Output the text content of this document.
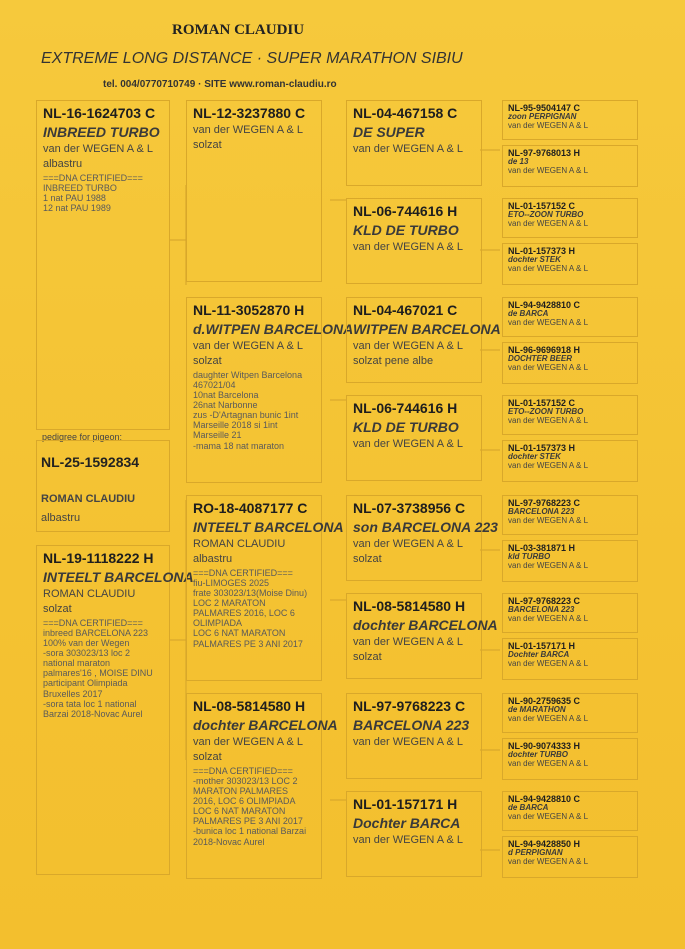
ROMAN CLAUDIU
EXTREME LONG DISTANCE · SUPER MARATHON SIBIU
tel. 004/0770710749 · SITE www.roman-claudiu.ro
NL-16-1624703 C
INBREED TURBO
van der WEGEN A & L
albastru
===DNA CERTIFIED===
INBREED TURBO
1 nat PAU 1988
12 nat PAU 1989
pedigree for pigeon:
NL-25-1592834
ROMAN CLAUDIU
albastru
NL-19-1118222 H
INTEELT BARCELONA
ROMAN CLAUDIU
solzat
===DNA CERTIFIED===
inbreed BARCELONA 223
100% van der Wegen
-sora 303023/13 loc 2
national maraton
palmares'16 , MOISE DINU
participant Olimpiada
Bruxelles 2017
-sora tata loc 1 national
Barzai 2018-Novac Aurel
NL-12-3237880 C
van der WEGEN A & L
solzat
NL-11-3052870 H
d.WITPEN BARCELONA
van der WEGEN A & L
solzat
daughter Witpen Barcelona
467021/04
10nat Barcelona
26nat Narbonne
zus -D'Artagnan bunic 1int
Marseille 2018 si 1int
Marseille 21
-mama 18 nat maraton
RO-18-4087177 C
INTEELT BARCELONA
ROMAN CLAUDIU
albastru
===DNA CERTIFIED===
fiu-LIMOGES 2025
frate 303023/13(Moise Dinu)
LOC 2 MARATON
PALMARES 2016, LOC 6
OLIMPIADA
LOC 6 NAT MARATON
PALMARES PE 3 ANI 2017
NL-08-5814580 H
dochter BARCELONA
van der WEGEN A & L
solzat
===DNA CERTIFIED===
-mother 303023/13 LOC 2
MARATON PALMARES
2016, LOC 6 OLIMPIADA
LOC 6 NAT MARATON
PALMARES PE 3 ANI 2017
-bunica loc 1 national Barzai
2018-Novac Aurel
NL-04-467158 C
DE SUPER
van der WEGEN A & L
NL-06-744616 H
KLD DE TURBO
van der WEGEN A & L
NL-04-467021 C
WITPEN BARCELONA
van der WEGEN A & L
solzat pene albe
NL-06-744616 H
KLD DE TURBO
van der WEGEN A & L
NL-07-3738956 C
son BARCELONA 223
van der WEGEN A & L
solzat
NL-08-5814580 H
dochter BARCELONA
van der WEGEN A & L
solzat
NL-97-9768223 C
BARCELONA 223
van der WEGEN A & L
NL-01-157171 H
Dochter BARCA
van der WEGEN A & L
NL-95-9504147 C
zoon PERPIGNAN
van der WEGEN A & L
NL-97-9768013 H
de 13
van der WEGEN A & L
NL-01-157152 C
ETO--ZOON TURBO
van der WEGEN A & L
NL-01-157373 H
dochter STEK
van der WEGEN A & L
NL-94-9428810 C
de BARCA
van der WEGEN A & L
NL-96-9696918 H
DOCHTER BEER
van der WEGEN A & L
NL-01-157152 C
ETO--ZOON TURBO
van der WEGEN A & L
NL-01-157373 H
dochter STEK
van der WEGEN A & L
NL-97-9768223 C
BARCELONA 223
van der WEGEN A & L
NL-03-381871 H
kld TURBO
van der WEGEN A & L
NL-97-9768223 C
BARCELONA 223
van der WEGEN A & L
NL-01-157171 H
Dochter BARCA
van der WEGEN A & L
NL-90-2759635 C
de MARATHON
van der WEGEN A & L
NL-90-9074333 H
dochter TURBO
van der WEGEN A & L
NL-94-9428810 C
de BARCA
van der WEGEN A & L
NL-94-9428850 H
d PERPIGNAN
van der WEGEN A & L
